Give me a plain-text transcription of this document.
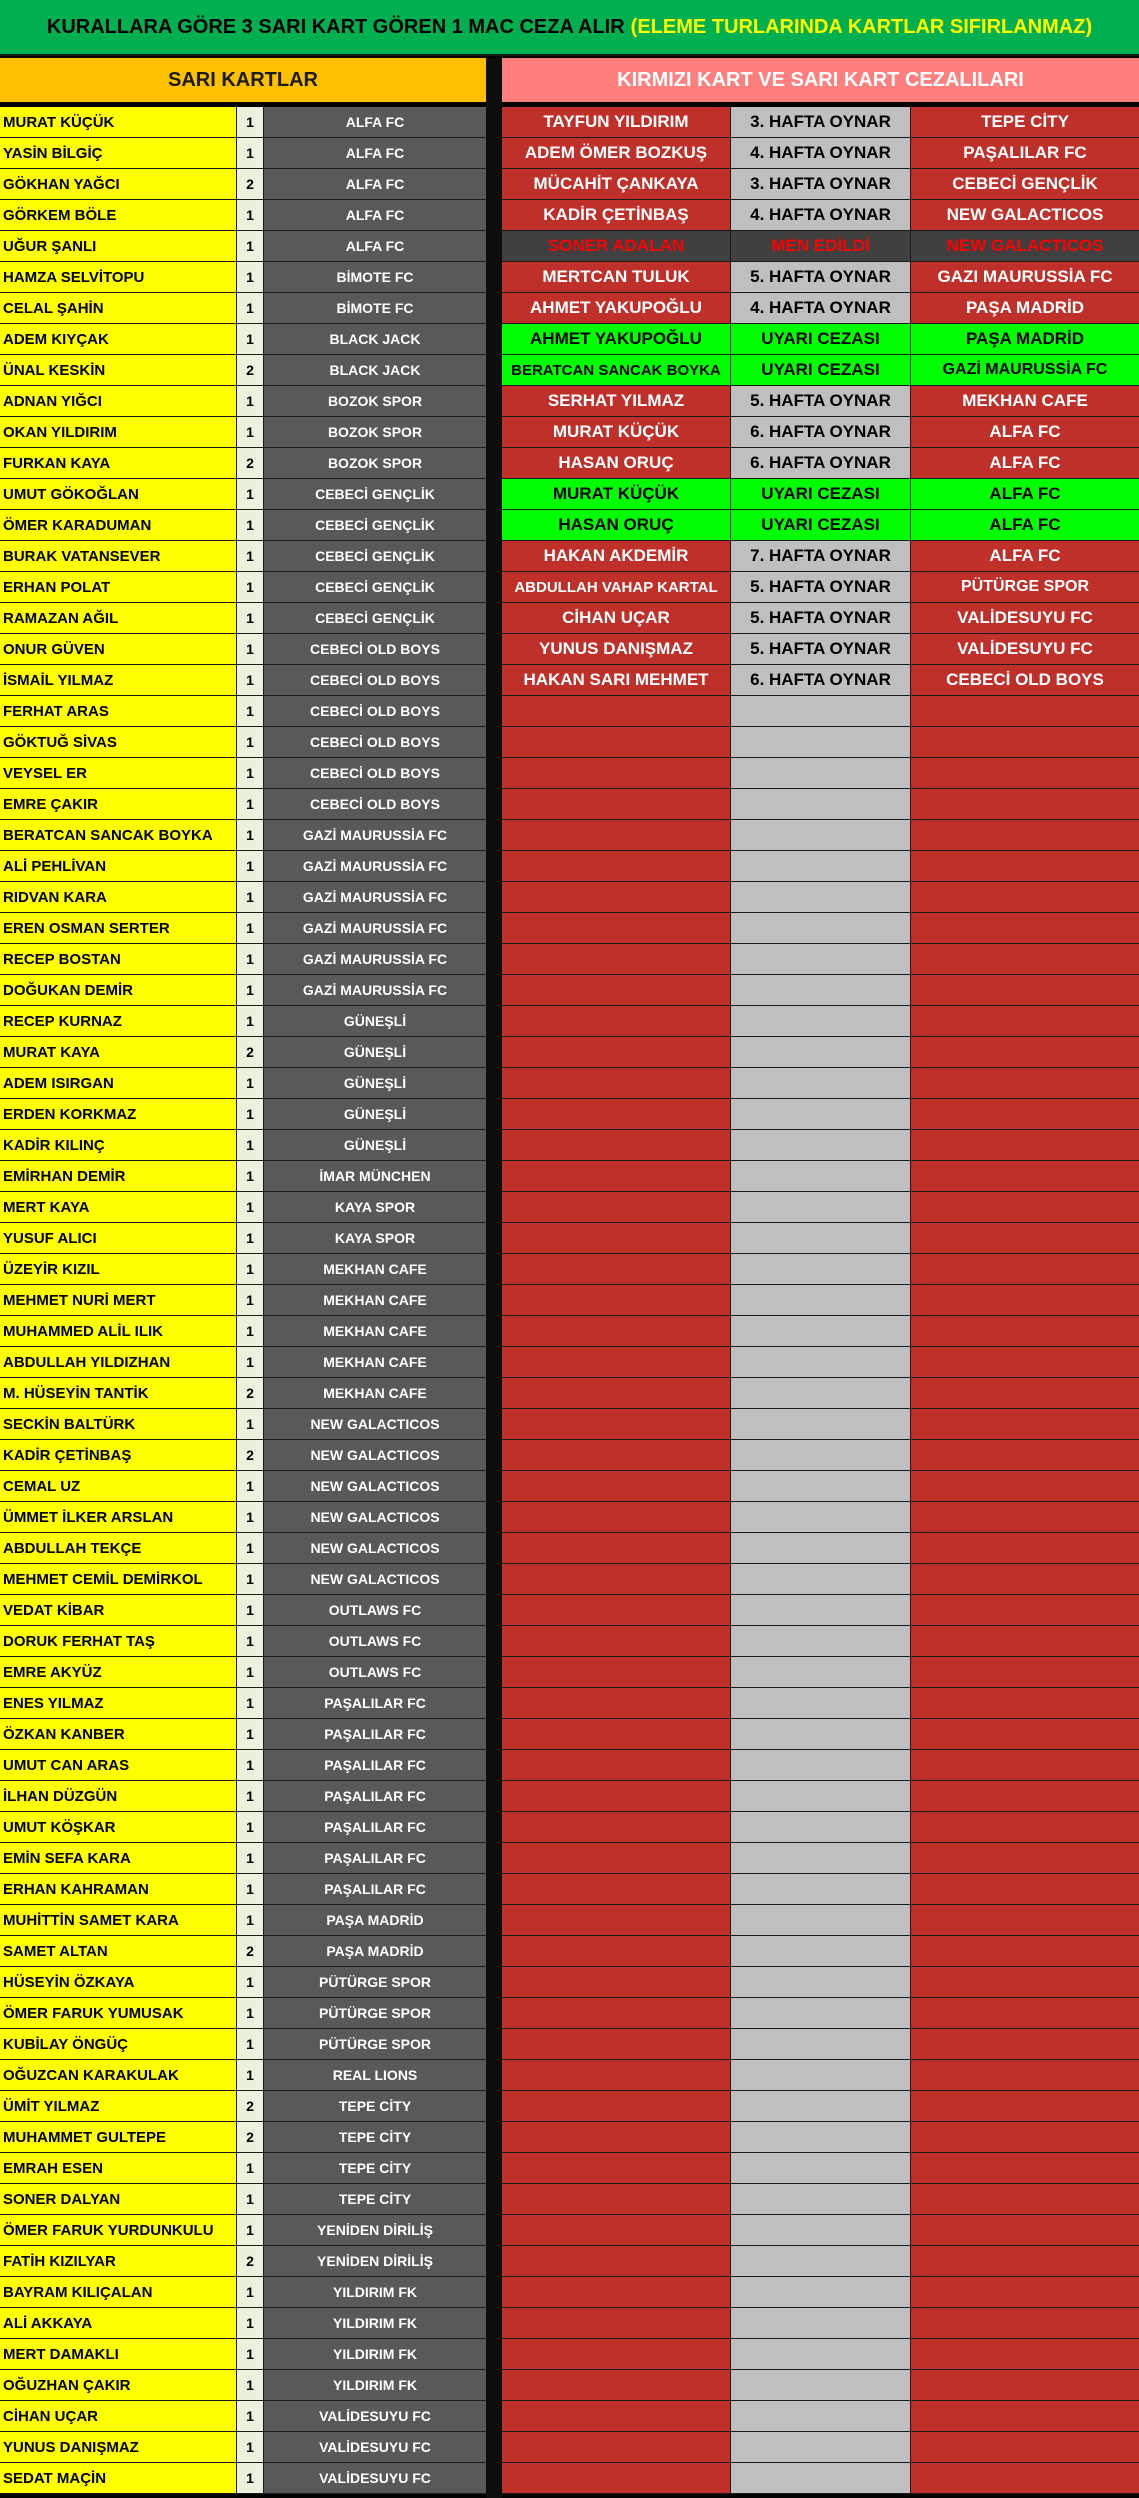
KURALLARA GÖRE 3 SARI KART GÖREN 1 MAC CEZA ALIR (ELEME TURLARINDA KARTLAR SIFIRLANMAZ)
SARI KARTLAR	KIRMIZI KART VE SARI KART CEZALILARI
MURAT KÜÇÜK	1	ALFA FC
YASİN BİLGİÇ	1	ALFA FC
GÖKHAN YAĞCI	2	ALFA FC
GÖRKEM BÖLE	1	ALFA FC
UĞUR ŞANLI	1	ALFA FC
HAMZA SELVİTOPU	1	BİMOTE FC
CELAL ŞAHİN	1	BİMOTE FC
ADEM KIYÇAK	1	BLACK JACK
ÜNAL KESKİN	2	BLACK JACK
ADNAN YIĞCI	1	BOZOK SPOR
OKAN YILDIRIM	1	BOZOK SPOR
FURKAN KAYA	2	BOZOK SPOR
UMUT GÖKOĞLAN	1	CEBECİ GENÇLİK
ÖMER KARADUMAN	1	CEBECİ GENÇLİK
BURAK VATANSEVER	1	CEBECİ GENÇLİK
ERHAN POLAT	1	CEBECİ GENÇLİK
RAMAZAN AĞIL	1	CEBECİ GENÇLİK
ONUR GÜVEN	1	CEBECİ OLD BOYS
İSMAİL YILMAZ	1	CEBECİ OLD BOYS
FERHAT ARAS	1	CEBECİ OLD BOYS
GÖKTUĞ SİVAS	1	CEBECİ OLD BOYS
VEYSEL ER	1	CEBECİ OLD BOYS
EMRE ÇAKIR	1	CEBECİ OLD BOYS
BERATCAN SANCAK BOYKA	1	GAZİ MAURUSSİA FC
ALİ PEHLİVAN	1	GAZİ MAURUSSİA FC
RIDVAN KARA	1	GAZİ MAURUSSİA FC
EREN OSMAN SERTER	1	GAZİ MAURUSSİA FC
RECEP BOSTAN	1	GAZİ MAURUSSİA FC
DOĞUKAN DEMİR	1	GAZİ MAURUSSİA FC
RECEP KURNAZ	1	GÜNEŞLİ
MURAT KAYA	2	GÜNEŞLİ
ADEM ISIRGAN	1	GÜNEŞLİ
ERDEN KORKMAZ	1	GÜNEŞLİ
KADİR KILINÇ	1	GÜNEŞLİ
EMİRHAN DEMİR	1	İMAR MÜNCHEN
MERT KAYA	1	KAYA SPOR
YUSUF ALICI	1	KAYA SPOR
ÜZEYİR KIZIL	1	MEKHAN CAFE
MEHMET NURİ MERT	1	MEKHAN CAFE
MUHAMMED ALİL ILIK	1	MEKHAN CAFE
ABDULLAH YILDIZHAN	1	MEKHAN CAFE
M. HÜSEYİN TANTİK	2	MEKHAN CAFE
SECKİN BALTÜRK	1	NEW GALACTICOS
KADİR ÇETİNBAŞ	2	NEW GALACTICOS
CEMAL UZ	1	NEW GALACTICOS
ÜMMET İLKER ARSLAN	1	NEW GALACTICOS
ABDULLAH TEKÇE	1	NEW GALACTICOS
MEHMET CEMİL DEMİRKOL	1	NEW GALACTICOS
VEDAT KİBAR	1	OUTLAWS FC
DORUK FERHAT TAŞ	1	OUTLAWS FC
EMRE AKYÜZ	1	OUTLAWS FC
ENES YILMAZ	1	PAŞALILAR FC
ÖZKAN KANBER	1	PAŞALILAR FC
UMUT CAN ARAS	1	PAŞALILAR FC
İLHAN DÜZGÜN	1	PAŞALILAR FC
UMUT KÖŞKAR	1	PAŞALILAR FC
EMİN SEFA KARA	1	PAŞALILAR FC
ERHAN KAHRAMAN	1	PAŞALILAR FC
MUHİTTİN SAMET KARA	1	PAŞA MADRİD
SAMET ALTAN	2	PAŞA MADRİD
HÜSEYİN ÖZKAYA	1	PÜTÜRGE SPOR
ÖMER FARUK YUMUSAK	1	PÜTÜRGE SPOR
KUBİLAY ÖNGÜÇ	1	PÜTÜRGE SPOR
OĞUZCAN KARAKULAK	1	REAL LIONS
ÜMİT YILMAZ	2	TEPE CİTY
MUHAMMET GULTEPE	2	TEPE CİTY
EMRAH ESEN	1	TEPE CİTY
SONER DALYAN	1	TEPE CİTY
ÖMER FARUK YURDUNKULU	1	YENİDEN DİRİLİŞ
FATİH KIZILYAR	2	YENİDEN DİRİLİŞ
BAYRAM KILIÇALAN	1	YILDIRIM FK
ALİ AKKAYA	1	YILDIRIM FK
MERT DAMAKLI	1	YILDIRIM FK
OĞUZHAN ÇAKIR	1	YILDIRIM FK
CİHAN UÇAR	1	VALİDESUYU FC
YUNUS DANIŞMAZ	1	VALİDESUYU FC
SEDAT MAÇİN	1	VALİDESUYU FC
TAYFUN YILDIRIM	3. HAFTA OYNAR	TEPE CİTY
ADEM ÖMER BOZKUŞ	4. HAFTA OYNAR	PAŞALILAR FC
MÜCAHİT ÇANKAYA	3. HAFTA OYNAR	CEBECİ GENÇLİK
KADİR ÇETİNBAŞ	4. HAFTA OYNAR	NEW GALACTICOS
SONER ADALAN	MEN EDİLDİ	NEW GALACTICOS
MERTCAN TULUK	5. HAFTA OYNAR	GAZI MAURUSSİA FC
AHMET YAKUPOĞLU	4. HAFTA OYNAR	PAŞA MADRİD
AHMET YAKUPOĞLU	UYARI CEZASI	PAŞA MADRİD
BERATCAN SANCAK BOYKA	UYARI CEZASI	GAZİ MAURUSSİA FC
SERHAT YILMAZ	5. HAFTA OYNAR	MEKHAN CAFE
MURAT KÜÇÜK	6. HAFTA OYNAR	ALFA FC
HASAN ORUÇ	6. HAFTA OYNAR	ALFA FC
MURAT KÜÇÜK	UYARI CEZASI	ALFA FC
HASAN ORUÇ	UYARI CEZASI	ALFA FC
HAKAN AKDEMİR	7. HAFTA OYNAR	ALFA FC
ABDULLAH VAHAP KARTAL	5. HAFTA OYNAR	PÜTÜRGE SPOR
CİHAN UÇAR	5. HAFTA OYNAR	VALİDESUYU FC
YUNUS DANIŞMAZ	5. HAFTA OYNAR	VALİDESUYU FC
HAKAN SARI MEHMET	6. HAFTA OYNAR	CEBECİ OLD BOYS
